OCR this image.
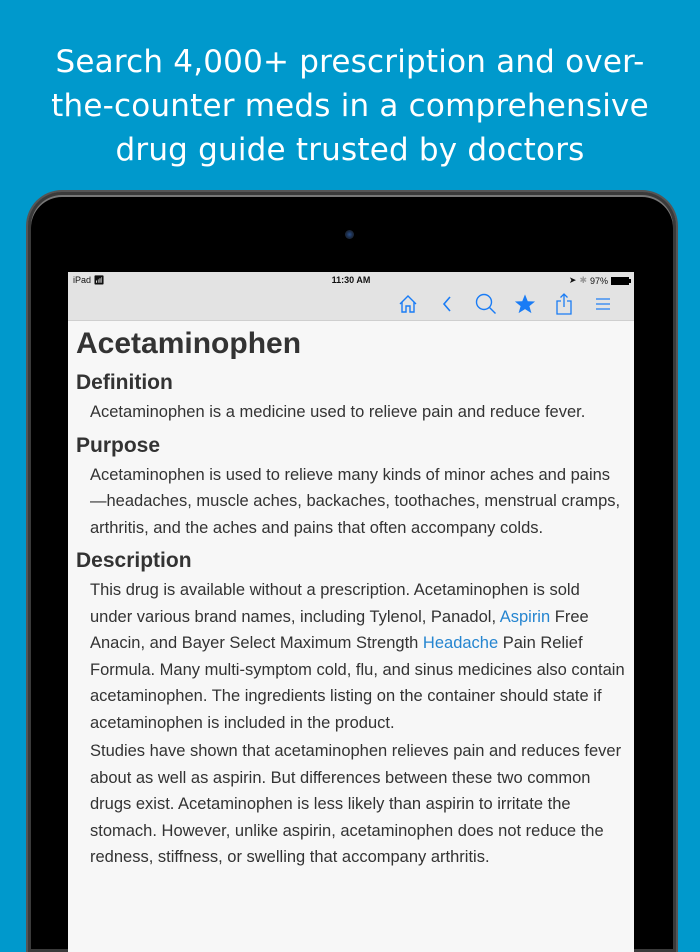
Search 4,000+ prescription and over-
the-counter meds in a comprehensive
drug guide trusted by doctors
iPad 📶︎	11:30 AM	➤ ✱ 97%
Acetaminophen
Definition
Acetaminophen is a medicine used to relieve pain and reduce fever.
Purpose
Acetaminophen is used to relieve many kinds of minor aches and pains—headaches, muscle aches, backaches, toothaches, menstrual cramps, arthritis, and the aches and pains that often accompany colds.
Description
This drug is available without a prescription. Acetaminophen is sold under various brand names, including Tylenol, Panadol, Aspirin Free Anacin, and Bayer Select Maximum Strength Headache Pain Relief Formula. Many multi-symptom cold, flu, and sinus medicines also contain acetaminophen. The ingredients listing on the container should state if acetaminophen is included in the product.
Studies have shown that acetaminophen relieves pain and reduces fever about as well as aspirin. But differences between these two common drugs exist. Acetaminophen is less likely than aspirin to irritate the stomach. However, unlike aspirin, acetaminophen does not reduce the redness, stiffness, or swelling that accompany arthritis.
